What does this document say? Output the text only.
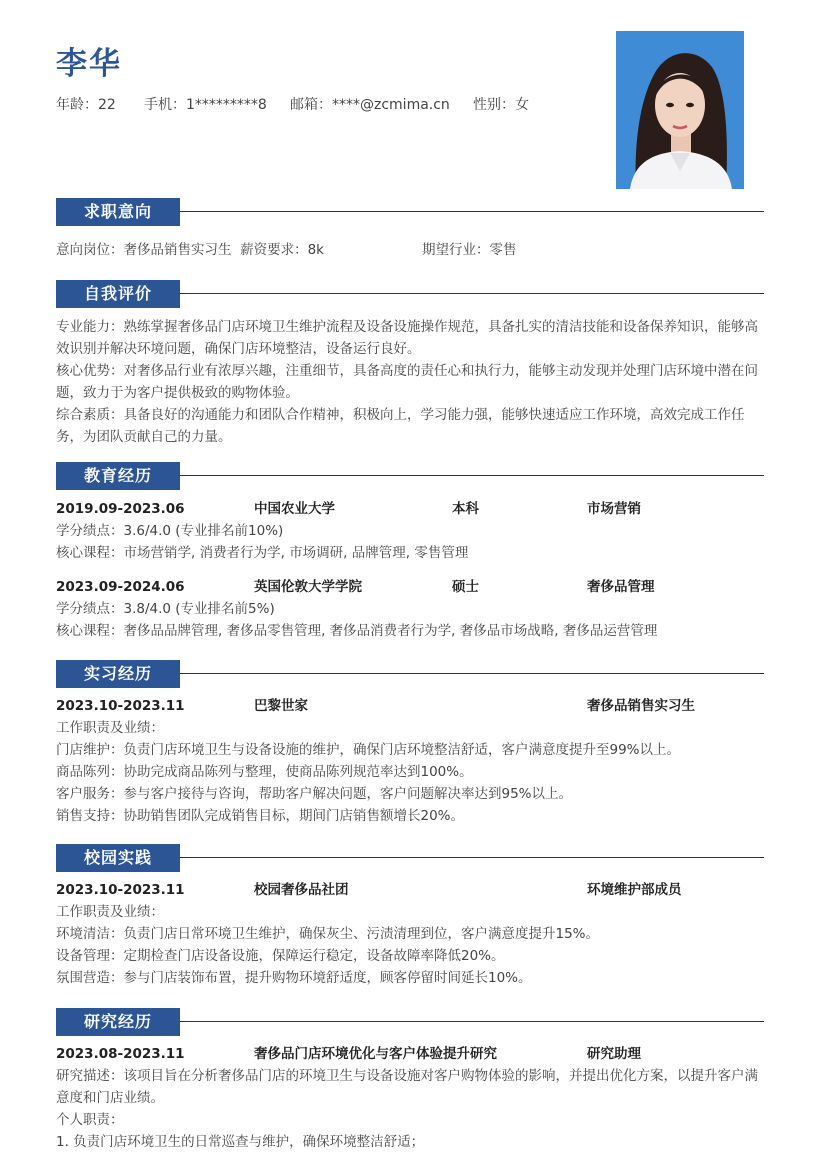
李华
年龄：22 手机：1*********8 邮箱：****@zcmima.cn 性别：女
求职意向
意向岗位：奢侈品销售实习生  薪资要求：8k	期望行业：零售
自我评价

专业能力：熟练掌握奢侈品门店环境卫生维护流程及设备设施操作规范，具备扎实的清洁技能和设备保养知识，能够高效识别并解决环境问题，确保门店环境整洁，设备运行良好。

核心优势：对奢侈品行业有浓厚兴趣，注重细节，具备高度的责任心和执行力，能够主动发现并处理门店环境中潜在问题，致力于为客户提供极致的购物体验。

综合素质：具备良好的沟通能力和团队合作精神，积极向上，学习能力强，能够快速适应工作环境，高效完成工作任务，为团队贡献自己的力量。

教育经历
2019.09-2023.06	中国农业大学	本科	市场营销

学分绩点：3.6/4.0 (专业排名前10%)

核心课程：市场营销学, 消费者行为学, 市场调研, 品牌管理, 零售管理

2023.09-2024.06	英国伦敦大学学院	硕士	奢侈品管理

学分绩点：3.8/4.0 (专业排名前5%)

核心课程：奢侈品品牌管理, 奢侈品零售管理, 奢侈品消费者行为学, 奢侈品市场战略, 奢侈品运营管理

实习经历
2023.10-2023.11	巴黎世家	奢侈品销售实习生

工作职责及业绩：

门店维护：负责门店环境卫生与设备设施的维护，确保门店环境整洁舒适，客户满意度提升至99%以上。

商品陈列：协助完成商品陈列与整理，使商品陈列规范率达到100%。

客户服务：参与客户接待与咨询，帮助客户解决问题，客户问题解决率达到95%以上。

销售支持：协助销售团队完成销售目标，期间门店销售额增长20%。

校园实践
2023.10-2023.11	校园奢侈品社团	环境维护部成员

工作职责及业绩：

环境清洁：负责门店日常环境卫生维护，确保灰尘、污渍清理到位，客户满意度提升15%。

设备管理：定期检查门店设备设施，保障运行稳定，设备故障率降低20%。

氛围营造：参与门店装饰布置，提升购物环境舒适度，顾客停留时间延长10%。

研究经历
2023.08-2023.11	奢侈品门店环境优化与客户体验提升研究	研究助理

研究描述：该项目旨在分析奢侈品门店的环境卫生与设备设施对客户购物体验的影响，并提出优化方案，以提升客户满意度和门店业绩。

个人职责：

1. 负责门店环境卫生的日常巡查与维护，确保环境整洁舒适；
